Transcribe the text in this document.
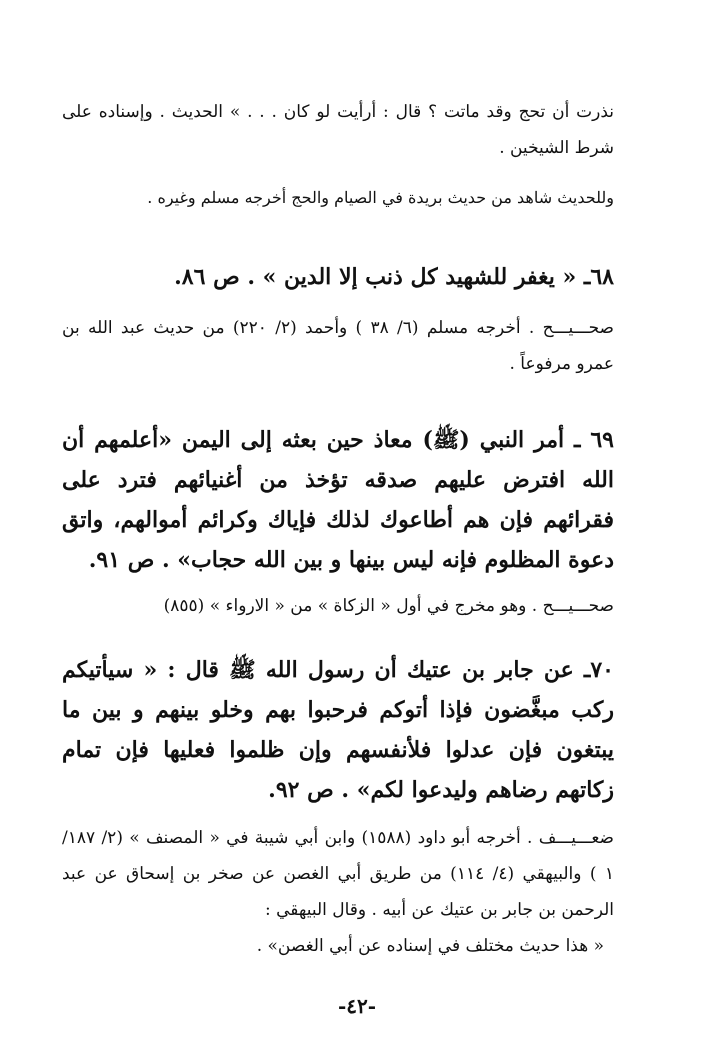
نذرت أن تحج وقد ماتت ؟ قال : أرأيت لو كان . . . » الحديث . وإسناده على شرط الشيخين .

وللحديث شاهد من حديث بريدة في الصيام والحج أخرجه مسلم وغيره .

٦٨ـ « يغفر للشهيد كل ذنب إلا الدين » . ص ٨٦.

صحـــيـــح . أخرجه مسلم (٦/ ٣٨ ) وأحمد (٢/ ٢٢٠) من حديث عبد الله بن عمرو مرفوعاً .

٦٩ ـ أمر النبي (ﷺ) معاذ حين بعثه إلى اليمن «أعلمهم أن الله افترض عليهم صدقه تؤخذ من أغنيائهم فترد على فقرائهم فإن هم أطاعوك لذلك فإياك وكرائم أموالهم، واتق دعوة المظلوم فإنه ليس بينها و بين الله حجاب» . ص ٩١.

صحـــيـــح . وهو مخرج في أول « الزكاة » من « الارواء » (٨٥٥)

٧٠ـ عن جابر بن عتيك أن رسول الله ﷺ قال : « سيأتيكم ركب مبغَّضون فإذا أتوكم فرحبوا بهم وخلو بينهم و بين ما يبتغون فإن عدلوا فلأنفسهم وإن ظلموا فعليها فإن تمام زكاتهم رضاهم وليدعوا لكم» . ص ٩٢.

ضعـــيـــف . أخرجه أبو داود (١٥٨٨) وابن أبي شيبة في « المصنف » (٢/ ١٨٧/ ١ ) والبيهقي (٤/ ١١٤) من طريق أبي الغصن عن صخر بن إسحاق عن عبد الرحمن بن جابر بن عتيك عن أبيه . وقال البيهقي :

« هذا حديث مختلف في إسناده عن أبي الغصن» .

-٤٢-
